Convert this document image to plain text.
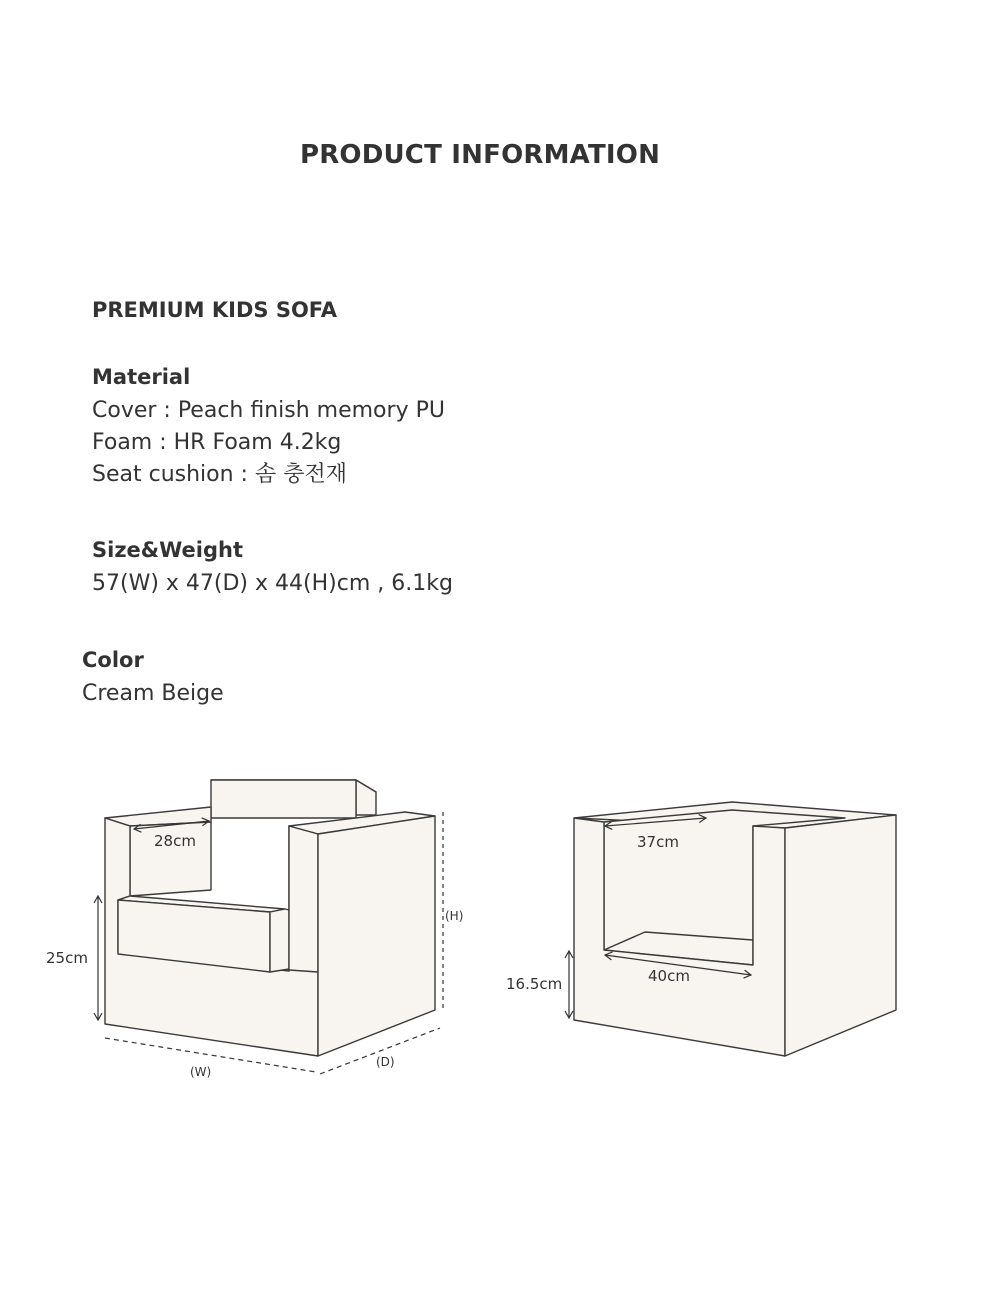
PRODUCT INFORMATION
PREMIUM KIDS SOFA
Material
Cover : Peach finish memory PU
Foam : HR Foam 4.2kg
Seat cushion : 솜 충전재
Size&Weight
57(W) x 47(D) x 44(H)cm , 6.1kg
Color
Cream Beige
28cm
25cm
(H)
(W)
(D)
37cm
40cm
16.5cm
